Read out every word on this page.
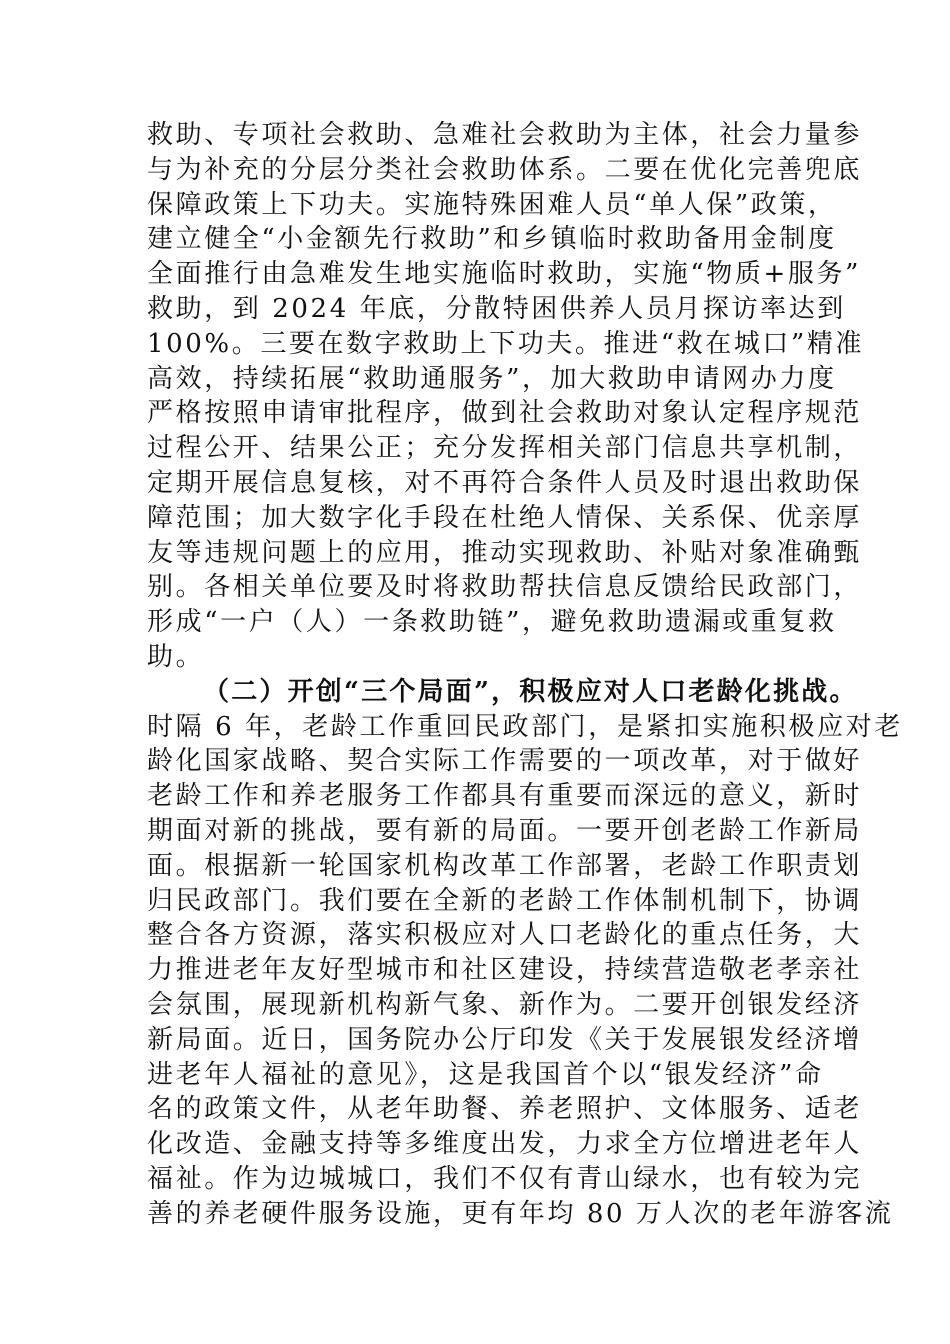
救助、专项社会救助、急难社会救助为主体，社会力量参
与为补充的分层分类社会救助体系。二要在优化完善兜底
保障政策上下功夫。实施特殊困难人员“单人保”政策，
建立健全“小金额先行救助”和乡镇临时救助备用金制度
全面推行由急难发生地实施临时救助，实施“物质+服务”
救助，到 2024 年底，分散特困供养人员月探访率达到
100%。三要在数字救助上下功夫。推进“救在城口”精准
高效，持续拓展“救助通服务”，加大救助申请网办力度
严格按照申请审批程序，做到社会救助对象认定程序规范
过程公开、结果公正；充分发挥相关部门信息共享机制，
定期开展信息复核，对不再符合条件人员及时退出救助保
障范围；加大数字化手段在杜绝人情保、关系保、优亲厚
友等违规问题上的应用，推动实现救助、补贴对象准确甄
别。各相关单位要及时将救助帮扶信息反馈给民政部门，
形成“一户（人）一条救助链”，避免救助遗漏或重复救
助。
（二）开创“三个局面”，积极应对人口老龄化挑战。
时隔 6 年，老龄工作重回民政部门，是紧扣实施积极应对老
龄化国家战略、契合实际工作需要的一项改革，对于做好
老龄工作和养老服务工作都具有重要而深远的意义，新时
期面对新的挑战，要有新的局面。一要开创老龄工作新局
面。根据新一轮国家机构改革工作部署，老龄工作职责划
归民政部门。我们要在全新的老龄工作体制机制下，协调
整合各方资源，落实积极应对人口老龄化的重点任务，大
力推进老年友好型城市和社区建设，持续营造敬老孝亲社
会氛围，展现新机构新气象、新作为。二要开创银发经济
新局面。近日，国务院办公厅印发《关于发展银发经济增
进老年人福祉的意见》，这是我国首个以“银发经济”命
名的政策文件，从老年助餐、养老照护、文体服务、适老
化改造、金融支持等多维度出发，力求全方位增进老年人
福祉。作为边城城口，我们不仅有青山绿水，也有较为完
善的养老硬件服务设施，更有年均 80 万人次的老年游客流
